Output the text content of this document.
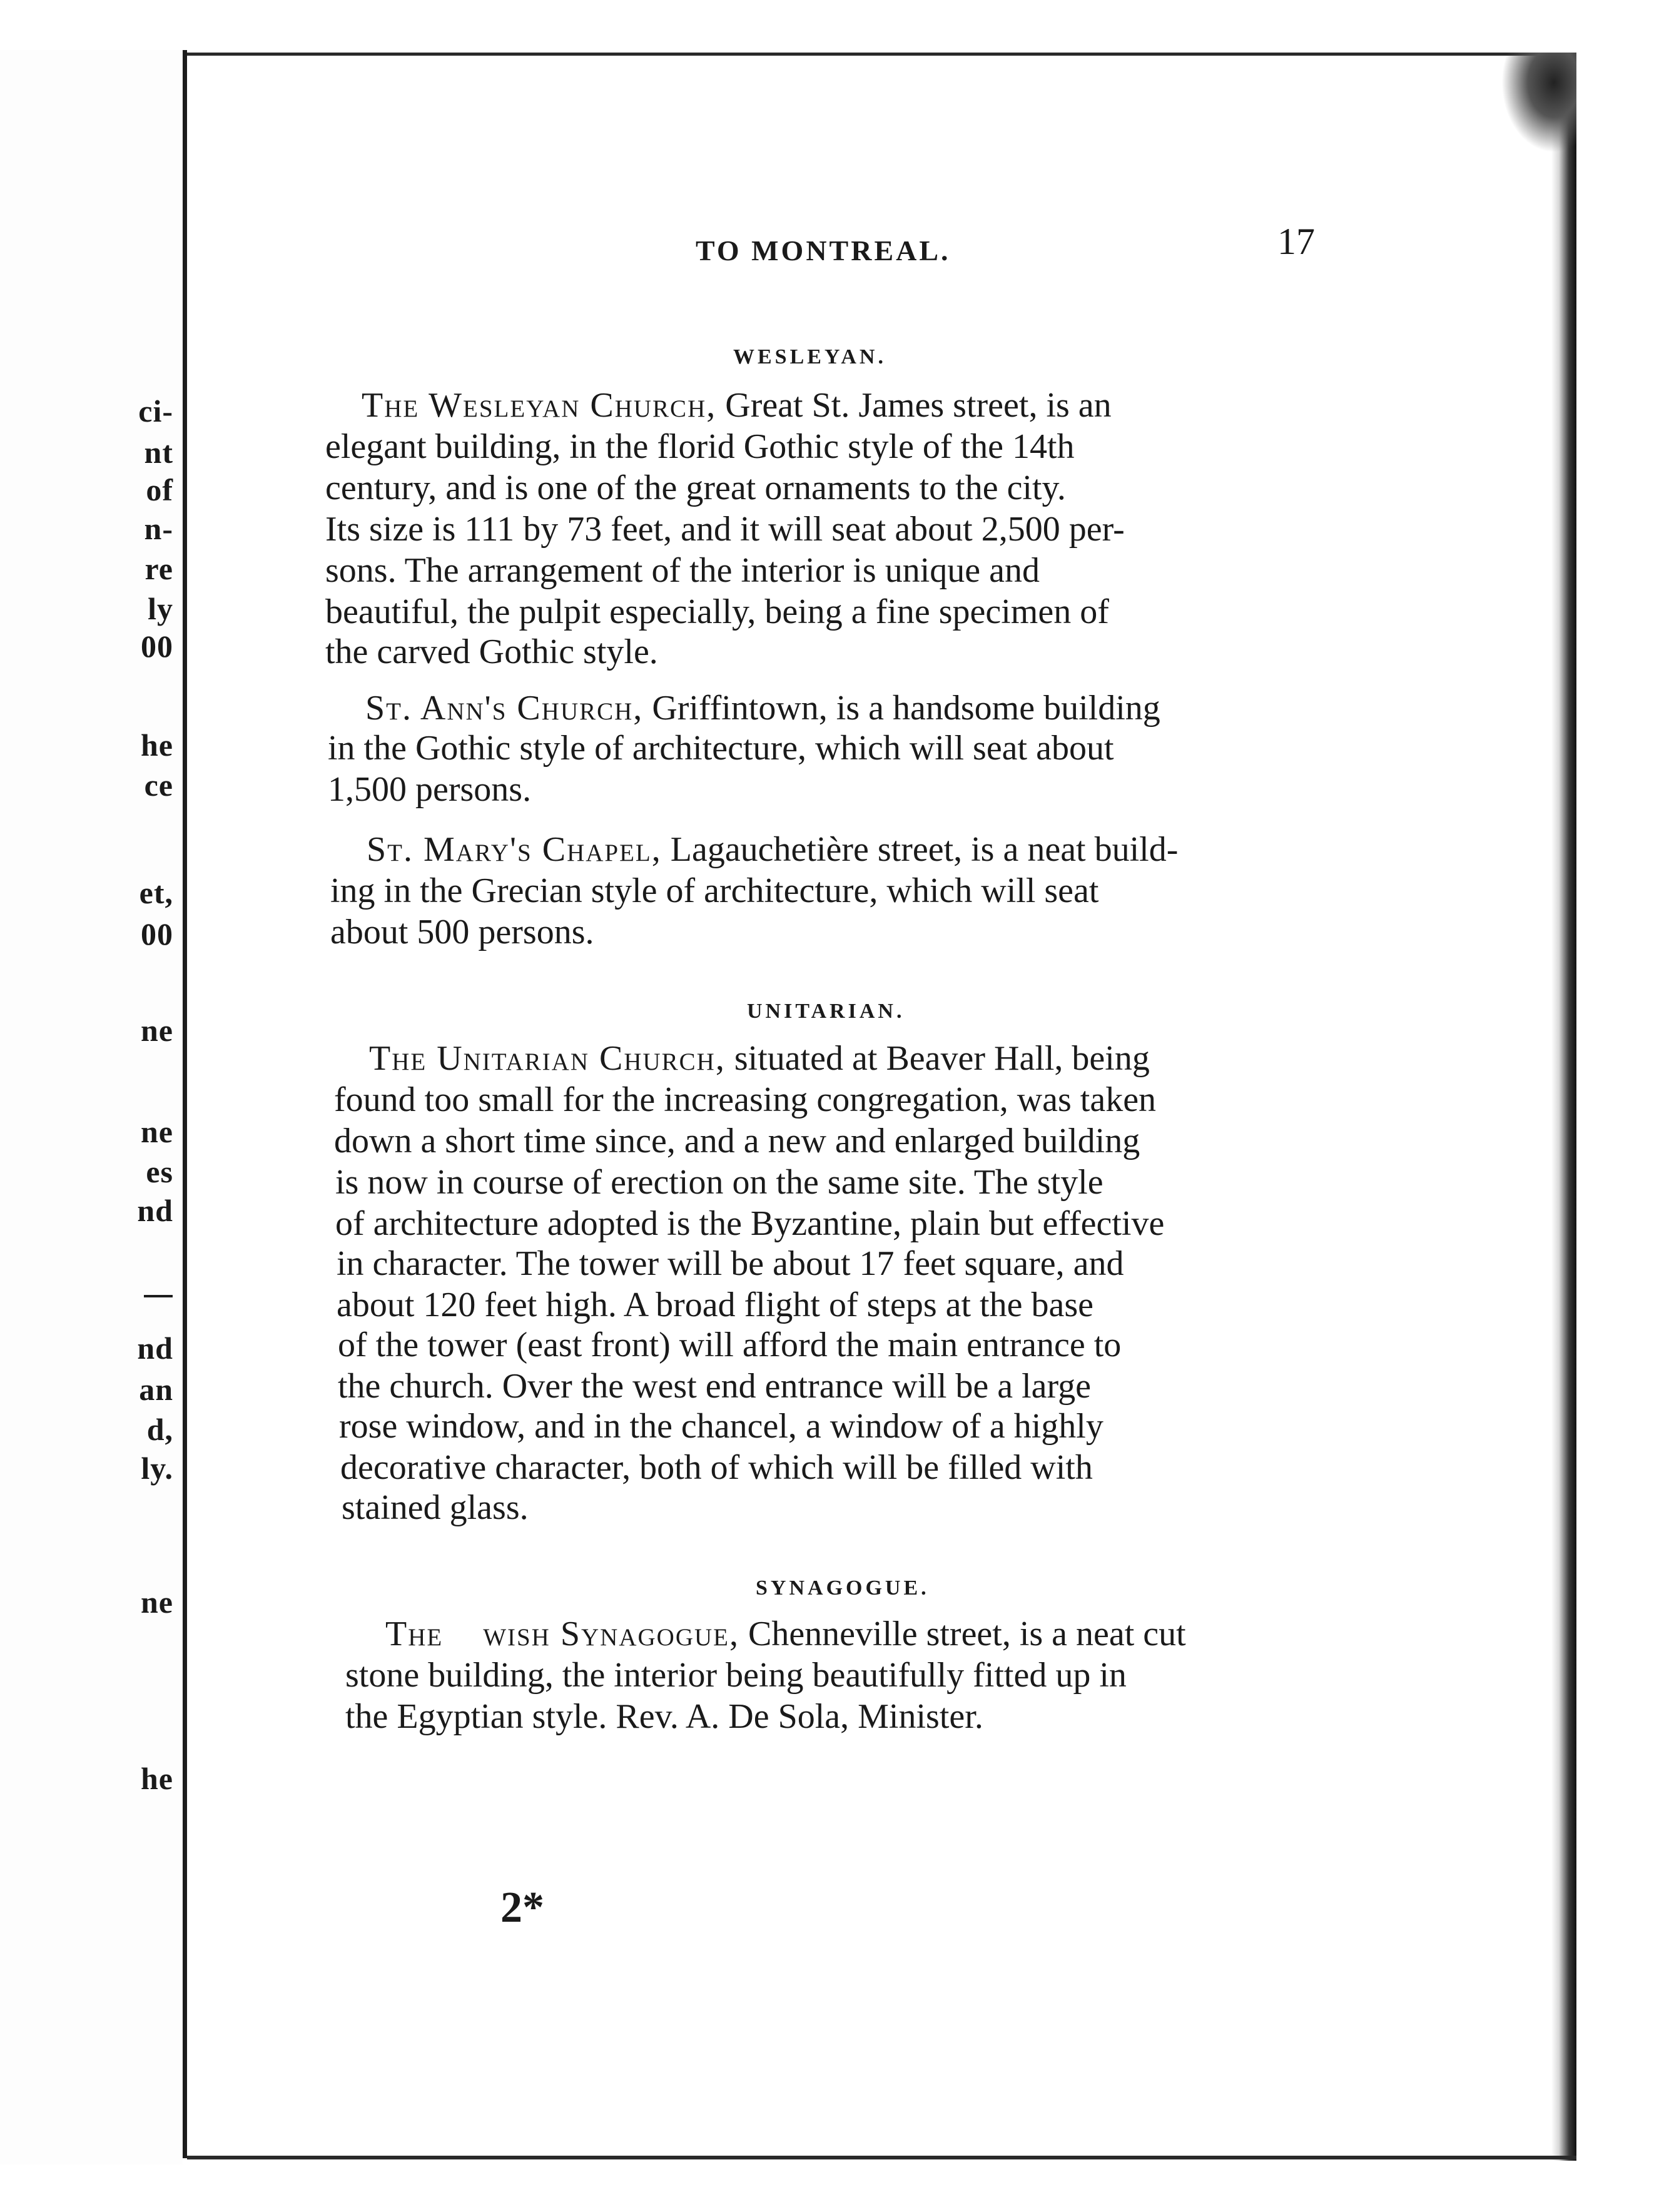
ci-
nt
of
n-
re
ly
00
he
ce
et,
00
ne
ne
es
nd
nd
an
d,
ly.
ne
he
TO MONTREAL.	17
WESLEYAN.
The Wesleyan Church, Great St. James street, is an
elegant building, in the florid Gothic style of the 14th
century, and is one of the great ornaments to the city.
Its size is 111 by 73 feet, and it will seat about 2,500 per-
sons. The arrangement of the interior is unique and
beautiful, the pulpit especially, being a fine specimen of
the carved Gothic style.
St. Ann's Church, Griffintown, is a handsome building
in the Gothic style of architecture, which will seat about
1,500 persons.
St. Mary's Chapel, Lagauchetière street, is a neat build-
ing in the Grecian style of architecture, which will seat
about 500 persons.
UNITARIAN.
The Unitarian Church, situated at Beaver Hall, being
found too small for the increasing congregation, was taken
down a short time since, and a new and enlarged building
is now in course of erection on the same site. The style
of architecture adopted is the Byzantine, plain but effective
in character. The tower will be about 17 feet square, and
about 120 feet high. A broad flight of steps at the base
of the tower (east front) will afford the main entrance to
the church. Over the west end entrance will be a large
rose window, and in the chancel, a window of a highly
decorative character, both of which will be filled with
stained glass.
SYNAGOGUE.
The    wish Synagogue, Chenneville street, is a neat cut
stone building, the interior being beautifully fitted up in
the Egyptian style. Rev. A. De Sola, Minister.
2*
